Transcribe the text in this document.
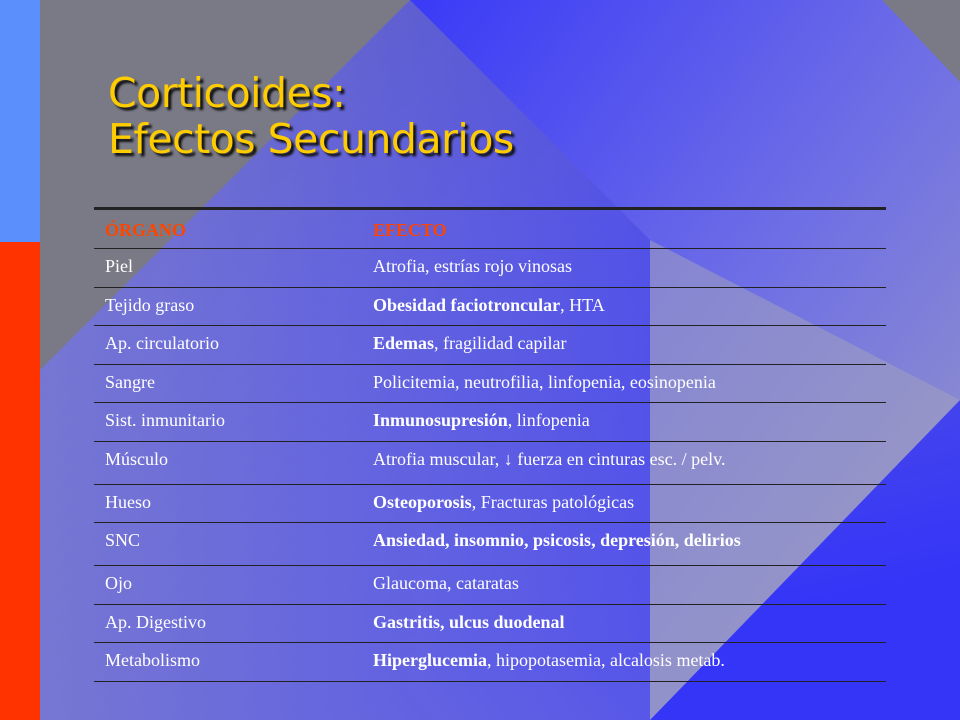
Corticoides:
Efectos Secundarios
ÓRGANO	EFECTO
Piel	Atrofia, estrías rojo vinosas
Tejido graso	Obesidad faciotroncular, HTA
Ap. circulatorio	Edemas, fragilidad capilar
Sangre	Policitemia, neutrofilia, linfopenia, eosinopenia
Sist. inmunitario	Inmunosupresión, linfopenia
Músculo	Atrofia muscular, ↓ fuerza en cinturas esc. / pelv.
Hueso	Osteoporosis, Fracturas patológicas
SNC	Ansiedad, insomnio, psicosis, depresión, delirios
Ojo	Glaucoma, cataratas
Ap. Digestivo	Gastritis, ulcus duodenal
Metabolismo	Hiperglucemia, hipopotasemia, alcalosis metab.
